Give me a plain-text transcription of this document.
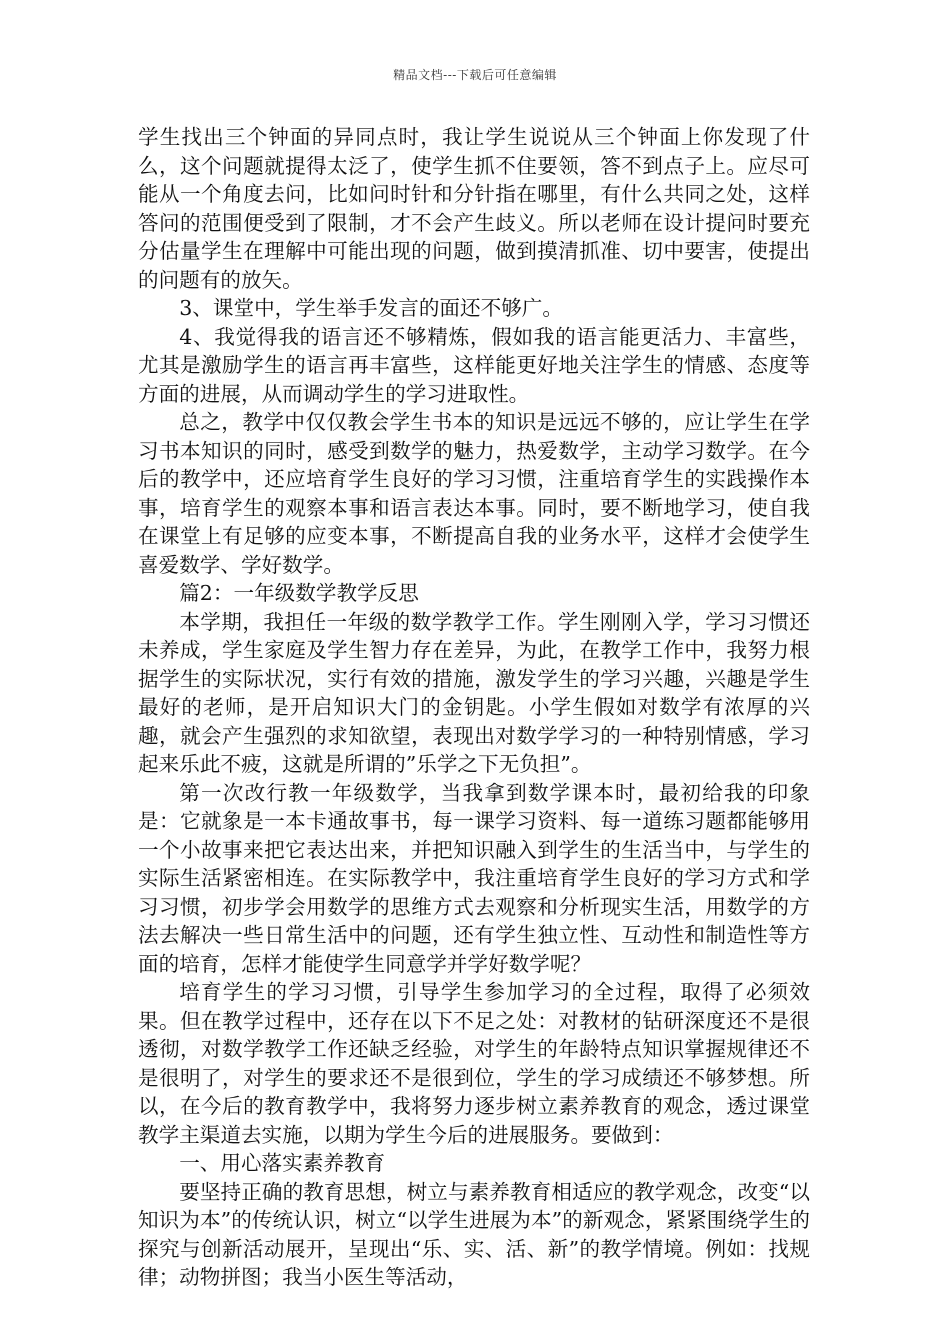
精品文档---下载后可任意编辑

学生找出三个钟面的异同点时，我让学生说说从三个钟面上你发现了什么，这个问题就提得太泛了，使学生抓不住要领，答不到点子上。应尽可能从一个角度去问，比如问时针和分针指在哪里，有什么共同之处，这样答问的范围便受到了限制，才不会产生歧义。所以老师在设计提问时要充分估量学生在理解中可能出现的问题，做到摸清抓准、切中要害，使提出的问题有的放矢。

3、课堂中，学生举手发言的面还不够广。

4、我觉得我的语言还不够精炼，假如我的语言能更活力、丰富些，尤其是激励学生的语言再丰富些，这样能更好地关注学生的情感、态度等方面的进展，从而调动学生的学习进取性。

总之，教学中仅仅教会学生书本的知识是远远不够的，应让学生在学习书本知识的同时，感受到数学的魅力，热爱数学，主动学习数学。在今后的教学中，还应培育学生良好的学习习惯，注重培育学生的实践操作本事，培育学生的观察本事和语言表达本事。同时，要不断地学习，使自我在课堂上有足够的应变本事，不断提高自我的业务水平，这样才会使学生喜爱数学、学好数学。

篇2：一年级数学教学反思

本学期，我担任一年级的数学教学工作。学生刚刚入学，学习习惯还未养成，学生家庭及学生智力存在差异，为此，在教学工作中，我努力根据学生的实际状况，实行有效的措施，激发学生的学习兴趣，兴趣是学生最好的老师，是开启知识大门的金钥匙。小学生假如对数学有浓厚的兴趣，就会产生强烈的求知欲望，表现出对数学学习的一种特别情感，学习起来乐此不疲，这就是所谓的”乐学之下无负担”。

第一次改行教一年级数学，当我拿到数学课本时，最初给我的印象是：它就象是一本卡通故事书，每一课学习资料、每一道练习题都能够用一个小故事来把它表达出来，并把知识融入到学生的生活当中，与学生的实际生活紧密相连。在实际教学中，我注重培育学生良好的学习方式和学习习惯，初步学会用数学的思维方式去观察和分析现实生活，用数学的方法去解决一些日常生活中的问题，还有学生独立性、互动性和制造性等方面的培育，怎样才能使学生同意学并学好数学呢？

培育学生的学习习惯，引导学生参加学习的全过程，取得了必须效果。但在教学过程中，还存在以下不足之处：对教材的钻研深度还不是很透彻，对数学教学工作还缺乏经验，对学生的年龄特点知识掌握规律还不是很明了，对学生的要求还不是很到位，学生的学习成绩还不够梦想。所以，在今后的教育教学中，我将努力逐步树立素养教育的观念，透过课堂教学主渠道去实施，以期为学生今后的进展服务。要做到：

一、用心落实素养教育

要坚持正确的教育思想，树立与素养教育相适应的教学观念，改变“以知识为本”的传统认识，树立“以学生进展为本”的新观念，紧紧围绕学生的探究与创新活动展开，呈现出“乐、实、活、新”的教学情境。例如：找规律；动物拼图；我当小医生等活动，
